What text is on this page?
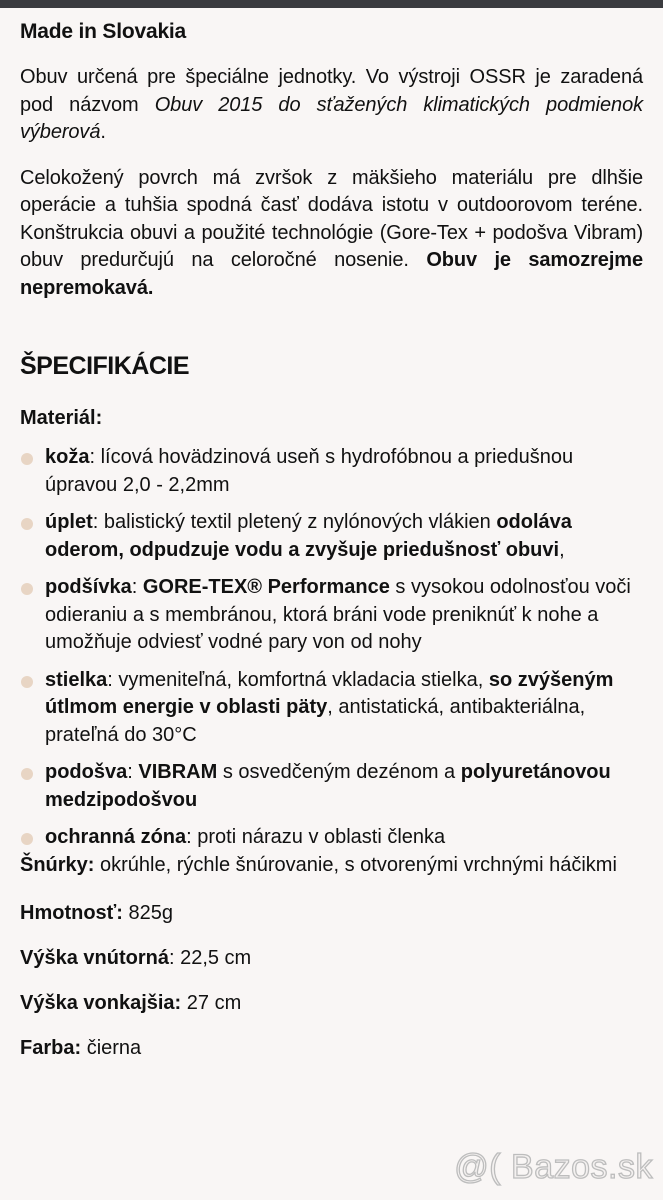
Made in Slovakia

Obuv určená pre špeciálne jednotky. Vo výstroji OSSR je zaradená pod názvom Obuv 2015 do sťažených klimatických podmienok výberová.

Celokožený povrch má zvršok z mäkšieho materiálu pre dlhšie operácie a tuhšia spodná časť dodáva istotu v outdoorovom teréne. Konštrukcia obuvi a použité technológie (Gore-Tex + podošva Vibram) obuv predurčujú na celoročné nosenie. Obuv je samozrejme nepremokavá.

ŠPECIFIKÁCIE
Materiál:
koža: lícová hovädzinová useň s hydrofóbnou a priedušnou úpravou 2,0 - 2,2mm
úplet: balistický textil pletený z nylónových vlákien odoláva oderom, odpudzuje vodu a zvyšuje priedušnosť obuvi,
podšívka: GORE-TEX® Performance s vysokou odolnosťou voči odieraniu a s membránou, ktorá bráni vode preniknúť k nohe a umožňuje odviesť vodné pary von od nohy
stielka: vymeniteľná, komfortná vkladacia stielka, so zvýšeným útlmom energie v oblasti päty, antistatická, antibakteriálna, prateľná do 30°C
podošva: VIBRAM s osvedčeným dezénom a polyuretánovou medzipodošvou
ochranná zóna: proti nárazu v oblasti členka

Šnúrky: okrúhle, rýchle šnúrovanie, s otvorenými vrchnými háčikmi

Hmotnosť: 825g

Výška vnútorná: 22,5 cm

Výška vonkajšia: 27 cm

Farba: čierna

@( Bazos.sk
